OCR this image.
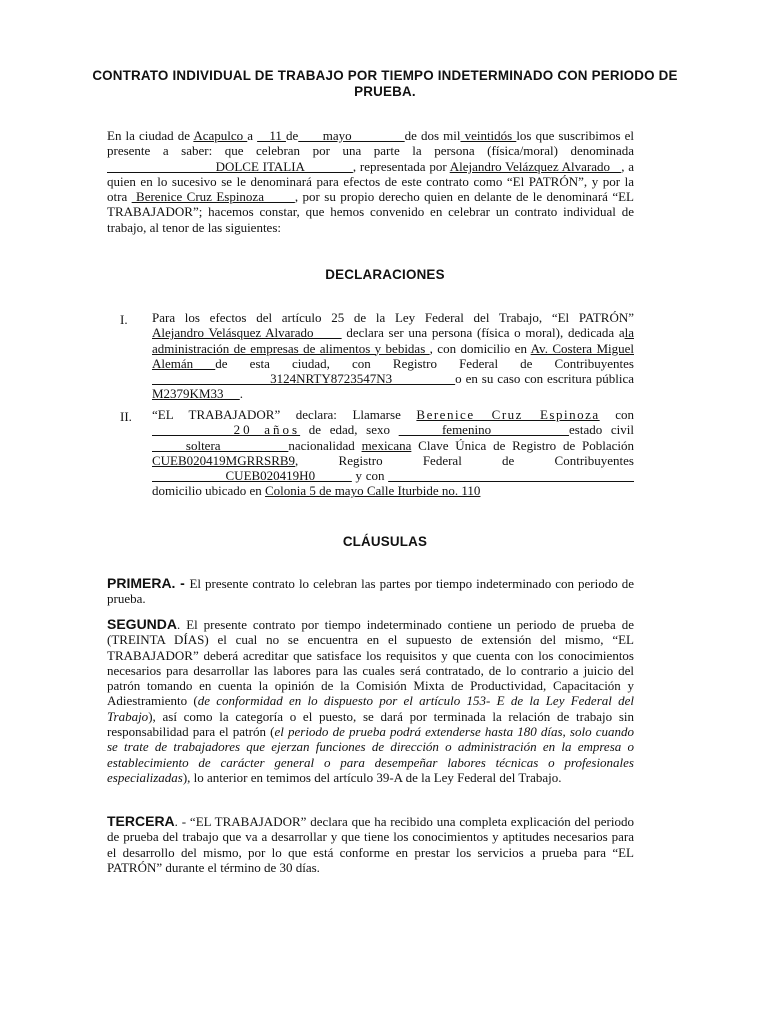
CONTRATO INDIVIDUAL DE TRABAJO POR TIEMPO INDETERMINADO CON PERIODO DE PRUEBA.
En la ciudad de Acapulco a    11 de      mayo             de dos mil veintidós los que suscribimos el presente a saber: que celebran por una parte la persona (física/moral) denominada                             DOLCE ITALIA             , representada por Alejandro Velázquez Alvarado   , a quien en lo sucesivo se le denominará para efectos de este contrato como “El PATRÓN”, y por la otra  Berenice Cruz Espinoza       , por su propio derecho quien en delante de le denominará “EL TRABAJADOR”; hacemos constar, que hemos convenido en celebrar un contrato individual de trabajo, al tenor de las siguientes:
DECLARACIONES
I. Para los efectos del artículo 25 de la Ley Federal del Trabajo, “El PATRÓN” Alejandro Velásquez Alvarado       declara ser una persona (física o moral), dedicada ala administración de empresas de alimentos y bebidas , con domicilio en Av. Costera Miguel Alemán de esta ciudad, con Registro Federal de Contribuyentes                              3124NRTY8723547N3                o en su caso con escritura pública M2379KM33     .
II. “EL TRABAJADOR” declara: Llamarse Berenice Cruz Espinoza con       20 años de edad, sexo      femenino         estado civil      soltera          nacionalidad mexicana Clave Única de Registro de Población CUEB020419MGRRSRB9, Registro Federal de Contribuyentes                    CUEB020419H0           y con                                                                     domicilio ubicado en Colonia 5 de mayo Calle Iturbide no. 110
CLÁUSULAS
PRIMERA. - El presente contrato lo celebran las partes por tiempo indeterminado con periodo de prueba.
SEGUNDA. El presente contrato por tiempo indeterminado contiene un periodo de prueba de (TREINTA DÍAS) el cual no se encuentra en el supuesto de extensión del mismo, “EL TRABAJADOR” deberá acreditar que satisface los requisitos y que cuenta con los conocimientos necesarios para desarrollar las labores para las cuales será contratado, de lo contrario a juicio del patrón tomando en cuenta la opinión de la Comisión Mixta de Productividad, Capacitación y Adiestramiento (de conformidad en lo dispuesto por el artículo 153- E de la Ley Federal del Trabajo), así como la categoría o el puesto, se dará por terminada la relación de trabajo sin responsabilidad para el patrón (el periodo de prueba podrá extenderse hasta 180 días, solo cuando se trate de trabajadores que ejerzan funciones de dirección o administración en la empresa o establecimiento de carácter general o para desempeñar labores técnicas o profesionales especializadas), lo anterior en temimos del artículo 39-A de la Ley Federal del Trabajo.
TERCERA. - “EL TRABAJADOR” declara que ha recibido una completa explicación del periodo de prueba del trabajo que va a desarrollar y que tiene los conocimientos y aptitudes necesarios para el desarrollo del mismo, por lo que está conforme en prestar los servicios a prueba para “EL PATRÓN” durante el término de 30 días.
